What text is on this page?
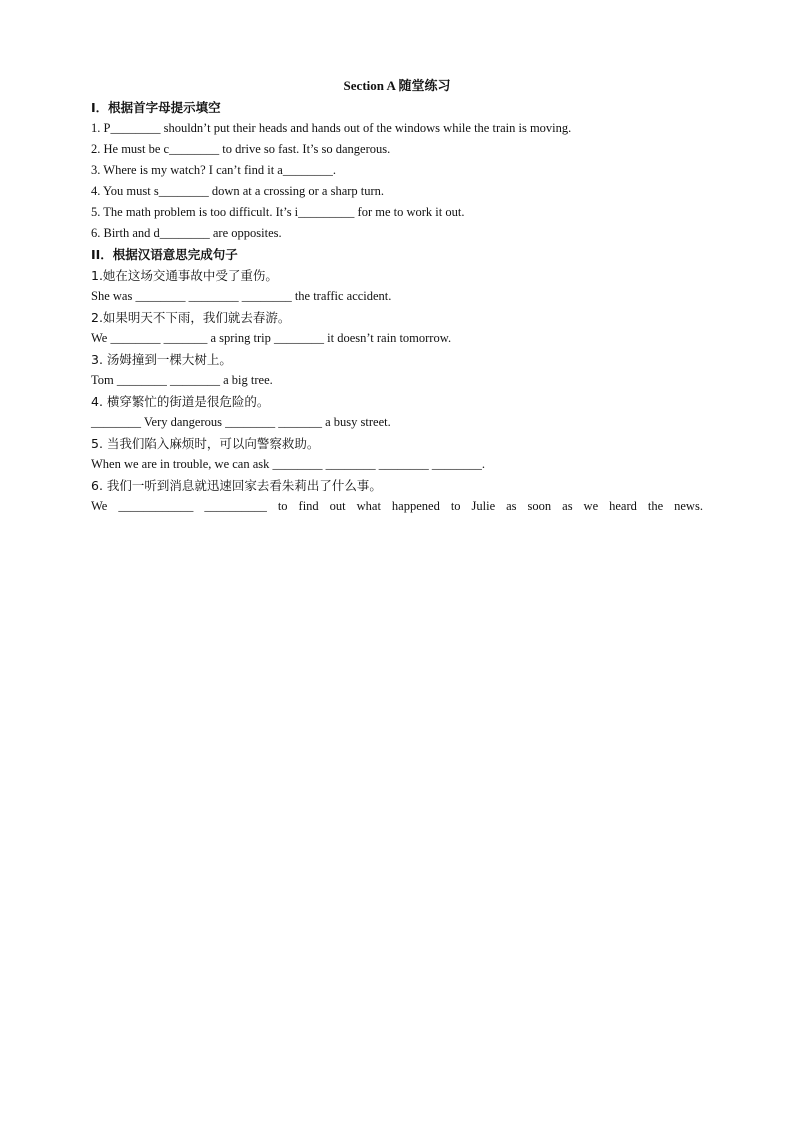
Section A 随堂练习
I．根据首字母提示填空
1. P________ shouldn’t put their heads and hands out of the windows while the train is moving.
2. He must be c________ to drive so fast. It’s so dangerous.
3. Where is my watch? I can’t find it a________.
4. You must s________ down at a crossing or a sharp turn.
5. The math problem is too difficult. It’s i_________ for me to work it out.
6. Birth and d________ are opposites.
II．根据汉语意思完成句子
1.她在这场交通事故中受了重伤。
She was ________ ________ ________ the traffic accident.
2.如果明天不下雨，我们就去春游。
We ________ _______ a spring trip ________ it doesn’t rain tomorrow.
3. 汤姆撞到一棵大树上。
Tom ________ ________ a big tree.
4. 横穿繁忙的街道是很危险的。
________ Very dangerous ________ _______ a busy street.
5. 当我们陷入麻烦时，可以向警察救助。
When we are in trouble, we can ask ________ ________ ________ ________.
6. 我们一听到消息就迅速回家去看朱莉出了什么事。
We ____________ __________ to find out what happened to Julie as soon as we heard the news.
